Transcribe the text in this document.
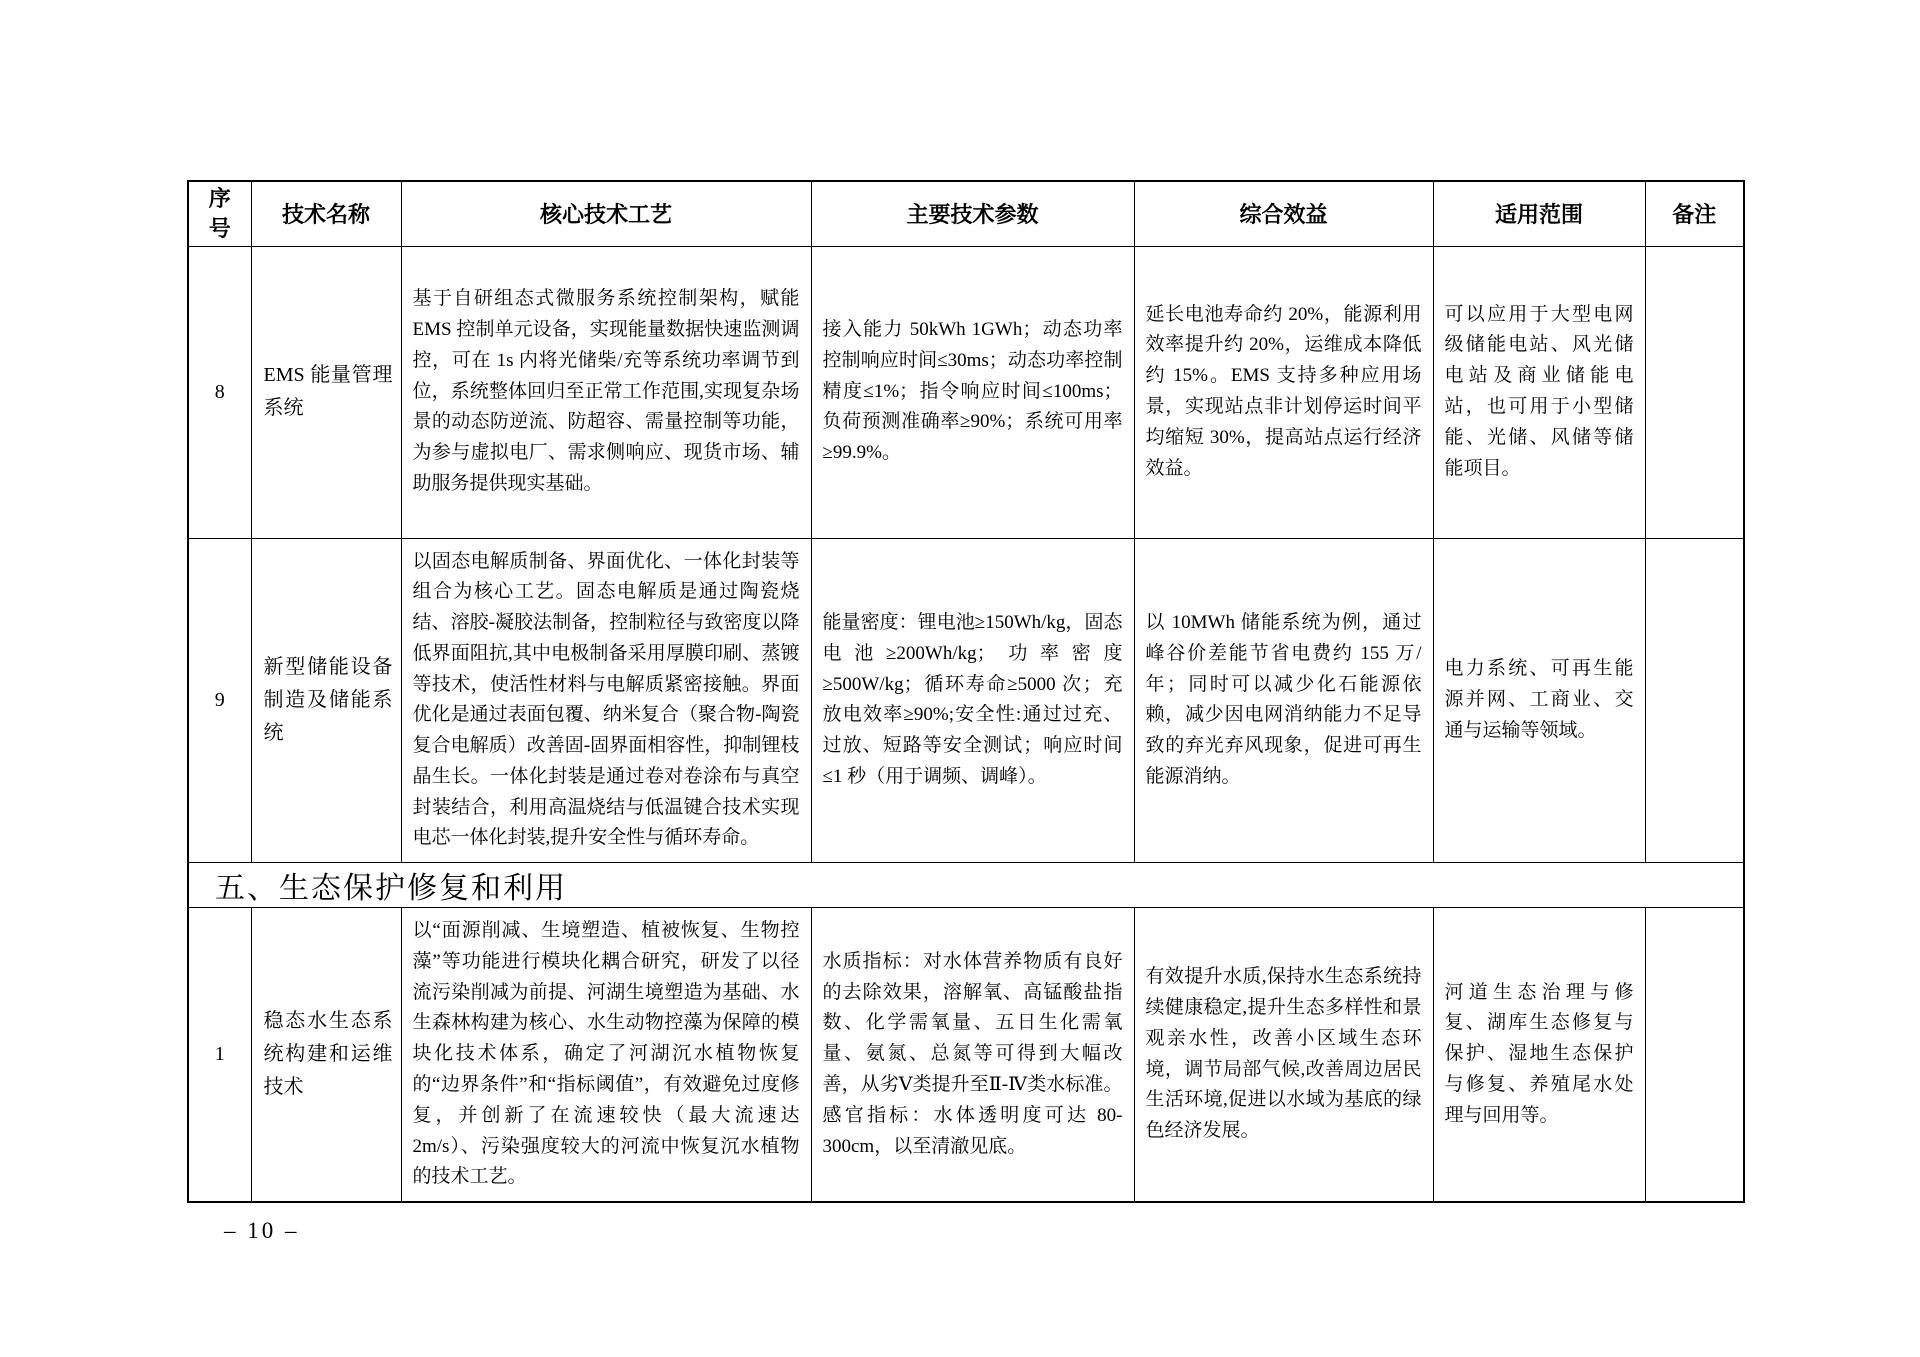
序号	技术名称	核心技术工艺	主要技术参数	综合效益	适用范围	备注
8	EMS 能量管理系统	基于自研组态式微服务系统控制架构，赋能 EMS 控制单元设备，实现能量数据快速监测调控，可在 1s 内将光储柴/充等系统功率调节到位，系统整体回归至正常工作范围,实现复杂场景的动态防逆流、防超容、需量控制等功能，为参与虚拟电厂、需求侧响应、现货市场、辅助服务提供现实基础。	接入能力 50kWh 1GWh；动态功率控制响应时间≤30ms；动态功率控制精度≤1%；指令响应时间≤100ms；负荷预测准确率≥90%；系统可用率≥99.9%。	延长电池寿命约 20%，能源利用效率提升约 20%，运维成本降低约 15%。EMS 支持多种应用场景，实现站点非计划停运时间平均缩短 30%，提高站点运行经济效益。	可以应用于大型电网级储能电站、风光储电站及商业储能电站，也可用于小型储能、光储、风储等储能项目。	
9	新型储能设备制造及储能系统	以固态电解质制备、界面优化、一体化封装等组合为核心工艺。固态电解质是通过陶瓷烧结、溶胶-凝胶法制备，控制粒径与致密度以降低界面阻抗,其中电极制备采用厚膜印刷、蒸镀等技术，使活性材料与电解质紧密接触。界面优化是通过表面包覆、纳米复合（聚合物-陶瓷复合电解质）改善固-固界面相容性，抑制锂枝晶生长。一体化封装是通过卷对卷涂布与真空封装结合，利用高温烧结与低温键合技术实现电芯一体化封装,提升安全性与循环寿命。	能量密度：锂电池≥150Wh/kg，固态电池≥200Wh/kg；功率密度≥500W/kg；循环寿命≥5000 次；充放电效率≥90%;安全性:通过过充、过放、短路等安全测试；响应时间≤1 秒（用于调频、调峰）。	以 10MWh 储能系统为例，通过峰谷价差能节省电费约 155 万/年；同时可以减少化石能源依赖，减少因电网消纳能力不足导致的弃光弃风现象，促进可再生能源消纳。	电力系统、可再生能源并网、工商业、交通与运输等领域。	
五、生态保护修复和利用						
1	稳态水生态系统构建和运维技术	以“面源削减、生境塑造、植被恢复、生物控藻”等功能进行模块化耦合研究，研发了以径流污染削减为前提、河湖生境塑造为基础、水生森林构建为核心、水生动物控藻为保障的模块化技术体系，确定了河湖沉水植物恢复的“边界条件”和“指标阈值”，有效避免过度修复，并创新了在流速较快（最大流速达 2m/s）、污染强度较大的河流中恢复沉水植物的技术工艺。	水质指标：对水体营养物质有良好的去除效果，溶解氧、高锰酸盐指数、化学需氧量、五日生化需氧量、氨氮、总氮等可得到大幅改善，从劣Ⅴ类提升至Ⅱ-Ⅳ类水标准。感官指标：水体透明度可达 80-300cm，以至清澈见底。	有效提升水质,保持水生态系统持续健康稳定,提升生态多样性和景观亲水性，改善小区域生态环境，调节局部气候,改善周边居民生活环境,促进以水域为基底的绿色经济发展。	河道生态治理与修复、湖库生态修复与保护、湿地生态保护与修复、养殖尾水处理与回用等。	
– 10 –
